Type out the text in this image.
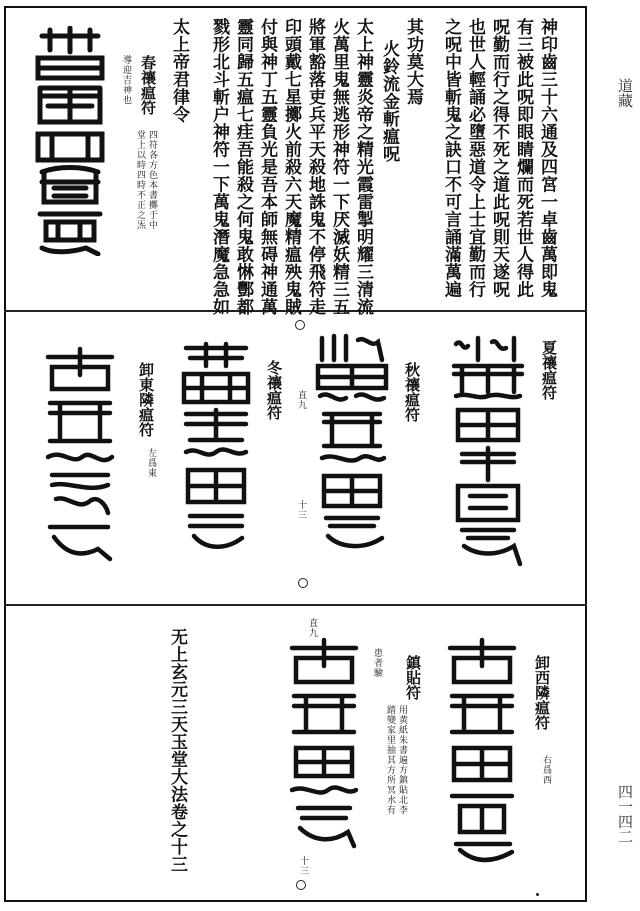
道藏
四一四二
神印齒三十六通及四宮一卓齒萬即鬼
有三被此呪即眼睛爛而死若世人得此
呪勤而行之得不死之道此呪則天遂呪
也世人輕誦必墮惡道令上士宜勤而行
之呪中皆斬鬼之訣口不可言誦滿萬遍
其功莫大焉
火鈴流金斬瘟呪
太上神靈炎帝之精光霞雷掣明耀三清流
火萬里鬼無逃形神符一下厌滅妖精三五
將軍豁落吏兵平天殺地誅鬼不停飛符走
印頭戴七星擲火前殺六天魔精瘟殃鬼賊
付與神丁五靈負光是吾本師無碍神通萬
靈同歸五瘟七疰吾能殺之何鬼敢惏酆都
戮形北斗斬户神符一下萬鬼潛魔急急如
太上帝君律令
春禳瘟符
四符各方色本書擲于中
堂上以時四時不正之炁
導迎吉神也
夏禳瘟符
秋禳瘟符
冬禳瘟符 直九
十三
卸東隣瘟符
左爲東
卸西隣瘟符
右爲西
鎮貼符
用黄紙朱書遍方鎮貼北李
踏變家里抽其方所冥水有
患者驗
直九
十三
无上玄元三天玉堂大法卷之十三
